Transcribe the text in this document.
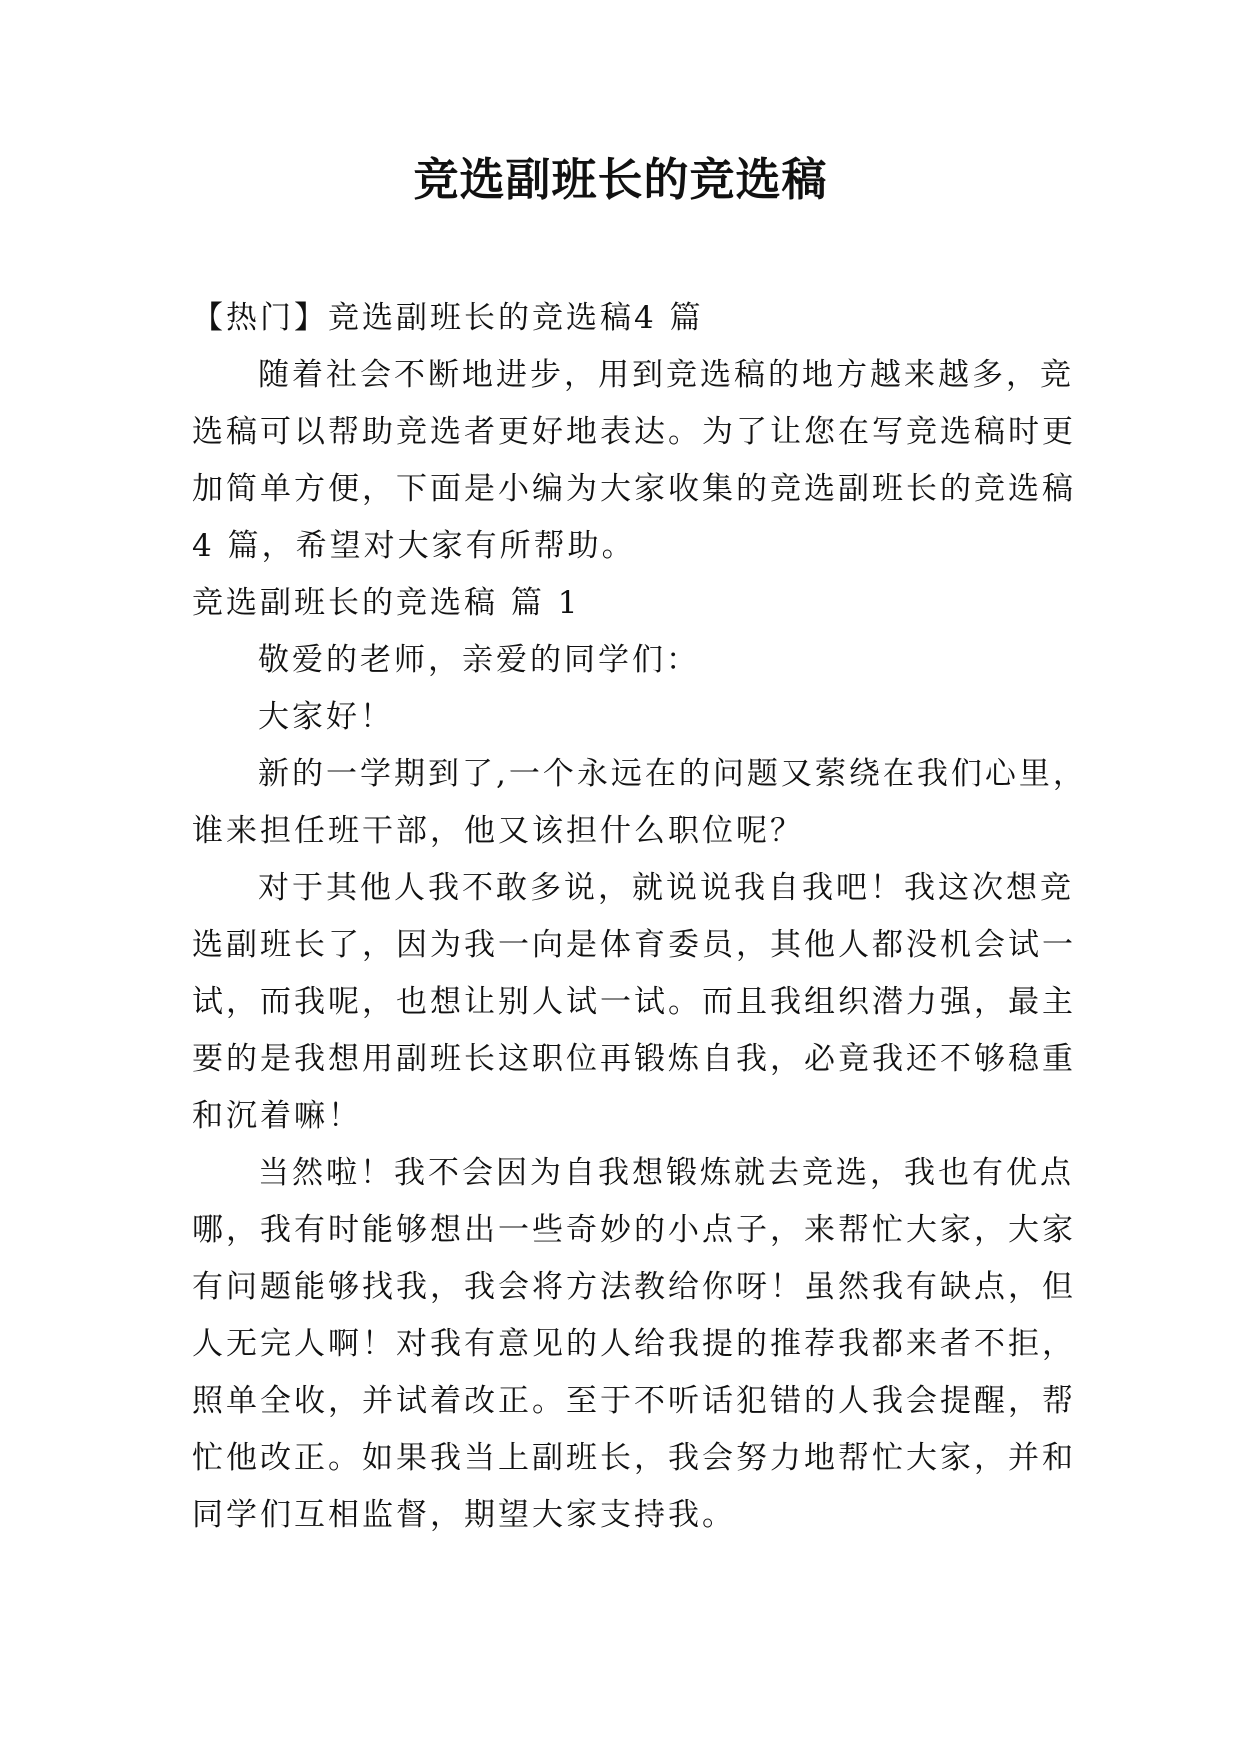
竞选副班长的竞选稿
【热门】竞选副班长的竞选稿4 篇
随着社会不断地进步，用到竞选稿的地方越来越多，竞
选稿可以帮助竞选者更好地表达。为了让您在写竞选稿时更
加简单方便，下面是小编为大家收集的竞选副班长的竞选稿
4 篇，希望对大家有所帮助。
竞选副班长的竞选稿 篇 1
敬爱的老师，亲爱的同学们：
大家好！
新的一学期到了,一个永远在的问题又萦绕在我们心里，
谁来担任班干部，他又该担什么职位呢？
对于其他人我不敢多说，就说说我自我吧！我这次想竞
选副班长了，因为我一向是体育委员，其他人都没机会试一
试，而我呢，也想让别人试一试。而且我组织潜力强，最主
要的是我想用副班长这职位再锻炼自我，必竟我还不够稳重
和沉着嘛！
当然啦！我不会因为自我想锻炼就去竞选，我也有优点
哪，我有时能够想出一些奇妙的小点子，来帮忙大家，大家
有问题能够找我，我会将方法教给你呀！虽然我有缺点，但
人无完人啊！对我有意见的人给我提的推荐我都来者不拒，
照单全收，并试着改正。至于不听话犯错的人我会提醒，帮
忙他改正。如果我当上副班长，我会努力地帮忙大家，并和
同学们互相监督，期望大家支持我。
